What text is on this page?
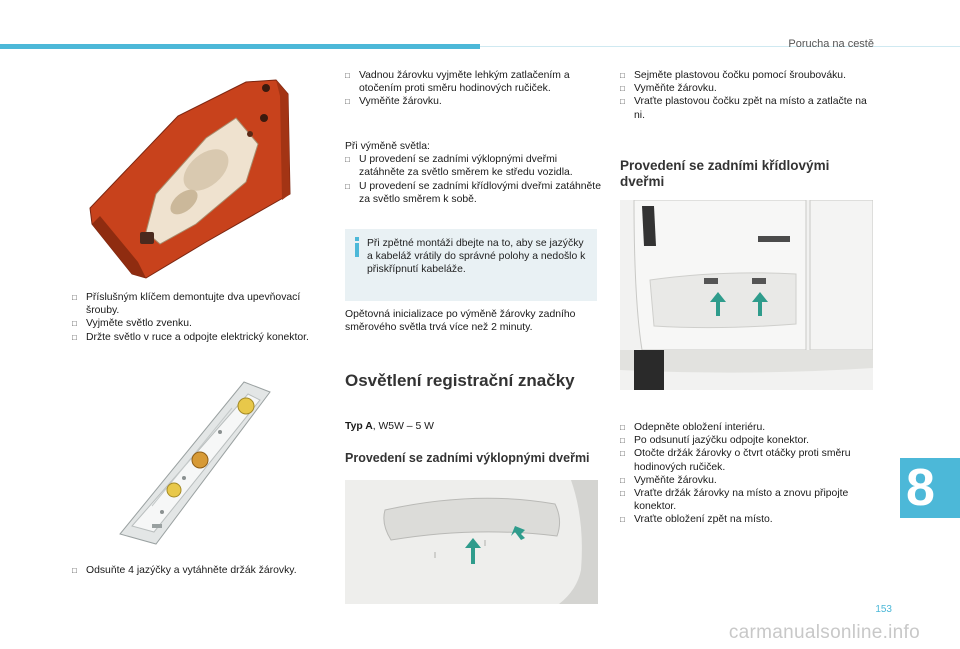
Porucha na cestě
□ Příslušným klíčem demontujte dva upevňovací šrouby.
□ Vyjměte světlo zvenku.
□ Držte světlo v ruce a odpojte elektrický konektor.
□ Odsuňte 4 jazýčky a vytáhněte držák žárovky.
□ Vadnou žárovku vyjměte lehkým zatlačením a otočením proti směru hodinových ručiček.
□ Vyměňte žárovku.

Při výměně světla:

□ U provedení se zadními výklopnými dveřmi zatáhněte za světlo směrem ke středu vozidla.
□ U provedení se zadními křídlovými dveřmi zatáhněte za světlo směrem k sobě.
Při zpětné montáži dbejte na to, aby se jazýčky a kabeláž vrátily do správné polohy a nedošlo k přiskřípnutí kabeláže.
Opětovná inicializace po výměně žárovky zadního směrového světla trvá více než 2 minuty.
Osvětlení registrační značky
Typ A, W5W – 5 W
Provedení se zadními výklopnými dveřmi
□ Sejměte plastovou čočku pomocí šroubováku.
□ Vyměňte žárovku.
□ Vraťte plastovou čočku zpět na místo a zatlačte na ni.
Provedení se zadními křídlovými dveřmi
□ Odepněte obložení interiéru.
□ Po odsunutí jazýčku odpojte konektor.
□ Otočte držák žárovky o čtvrt otáčky proti směru hodinových ručiček.
□ Vyměňte žárovku.
□ Vraťte držák žárovky na místo a znovu připojte konektor.
□ Vraťte obložení zpět na místo.
8
153
carmanualsonline.info
